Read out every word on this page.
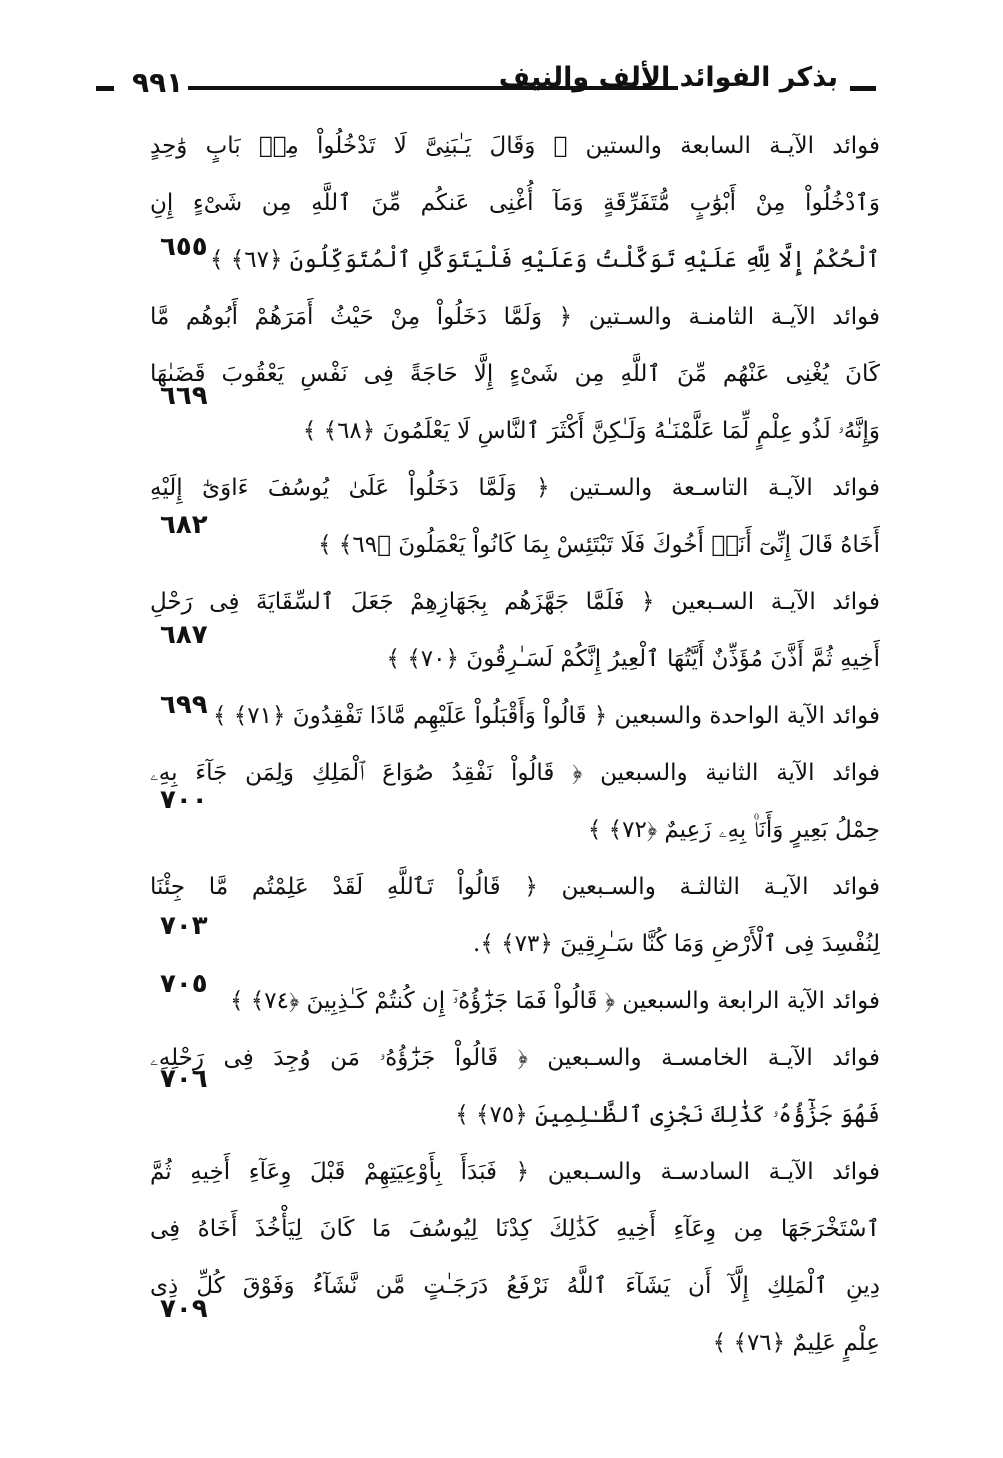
٩٩١	بذكر الفوائد الألف والنيف
فوائد الآيـة السابعة والستين ﴿ وَقَالَ يَـٰبَنِىَّ لَا تَدْخُلُواْ مِنۢ بَابٍ وَٰحِدٍ
وَٱدْخُلُواْ مِنْ أَبْوَٰبٍ مُّتَفَرِّقَةٍ وَمَآ أُغْنِى عَنكُم مِّنَ ٱللَّهِ مِن شَىْءٍ إِنِ
ٱلْحُكْمُ إِلَّا لِلَّهِ عَلَيْهِ تَوَكَّلْتُ وَعَلَيْهِ فَلْيَتَوَكَّلِ ٱلْمُتَوَكِّلُونَ ﴿٦٧﴾ ﴾
٦٥٥
فوائد الآيـة الثامنـة والسـتين ﴿ وَلَمَّا دَخَلُواْ مِنْ حَيْثُ أَمَرَهُمْ أَبُوهُم مَّا
كَانَ يُغْنِى عَنْهُم مِّنَ ٱللَّهِ مِن شَىْءٍ إِلَّا حَاجَةً فِى نَفْسِ يَعْقُوبَ قَضَىٰهَا
وَإِنَّهُۥ لَذُو عِلْمٍ لِّمَا عَلَّمْنَـٰهُ وَلَـٰكِنَّ أَكْثَرَ ٱلنَّاسِ لَا يَعْلَمُونَ ﴿٦٨﴾ ﴾
٦٦٩
فوائد الآيـة التاسـعة والسـتين ﴿ وَلَمَّا دَخَلُواْ عَلَىٰ يُوسُفَ ءَاوَىٰٓ إِلَيْهِ
أَخَاهُ قَالَ إِنِّىٓ أَنَا۠ أَخُوكَ فَلَا تَبْتَئِسْ بِمَا كَانُواْ يَعْمَلُونَ ﴿٦٩﴾ ﴾
٦٨٢
فوائد الآيـة السـبعين ﴿ فَلَمَّا جَهَّزَهُم بِجَهَازِهِمْ جَعَلَ ٱلسِّقَايَةَ فِى رَحْلِ
أَخِيهِ ثُمَّ أَذَّنَ مُؤَذِّنٌ أَيَّتُهَا ٱلْعِيرُ إِنَّكُمْ لَسَـٰرِقُونَ ﴿٧٠﴾ ﴾
٦٨٧
فوائد الآية الواحدة والسبعين ﴿ قَالُواْ وَأَقْبَلُواْ عَلَيْهِم مَّاذَا تَفْقِدُونَ ﴿٧١﴾ ﴾
٦٩٩
فوائد الآية الثانية والسبعين ﴿ قَالُواْ نَفْقِدُ صُوَاعَ ٱلْمَلِكِ وَلِمَن جَآءَ بِهِۦ
حِمْلُ بَعِيرٍ وَأَنَا۠ بِهِۦ زَعِيمٌ ﴿٧٢﴾ ﴾
٧٠٠
فوائد الآيـة الثالثـة والسـبعين ﴿ قَالُواْ تَٱللَّهِ لَقَدْ عَلِمْتُم مَّا جِئْنَا
لِنُفْسِدَ فِى ٱلْأَرْضِ وَمَا كُنَّا سَـٰرِقِينَ ﴿٧٣﴾ ﴾.
٧٠٣
فوائد الآية الرابعة والسبعين ﴿ قَالُواْ فَمَا جَزَٰٓؤُهُۥٓ إِن كُنتُمْ كَـٰذِبِينَ ﴿٧٤﴾ ﴾
٧٠٥
فوائد الآيـة الخامسـة والسـبعين ﴿ قَالُواْ جَزَٰٓؤُهُۥ مَن وُجِدَ فِى رَحْلِهِۦ
فَهُوَ جَزَٰٓؤُهُۥ كَذَٰلِكَ نَجْزِى ٱلظَّـٰلِمِينَ ﴿٧٥﴾ ﴾
٧٠٦
فوائد الآيـة السادسـة والسـبعين ﴿ فَبَدَأَ بِأَوْعِيَتِهِمْ قَبْلَ وِعَآءِ أَخِيهِ ثُمَّ
ٱسْتَخْرَجَهَا مِن وِعَآءِ أَخِيهِ كَذَٰلِكَ كِدْنَا لِيُوسُفَ مَا كَانَ لِيَأْخُذَ أَخَاهُ فِى
دِينِ ٱلْمَلِكِ إِلَّآ أَن يَشَآءَ ٱللَّهُ نَرْفَعُ دَرَجَـٰتٍ مَّن نَّشَآءُ وَفَوْقَ كُلِّ ذِى
عِلْمٍ عَلِيمٌ ﴿٧٦﴾ ﴾
٧٠٩
